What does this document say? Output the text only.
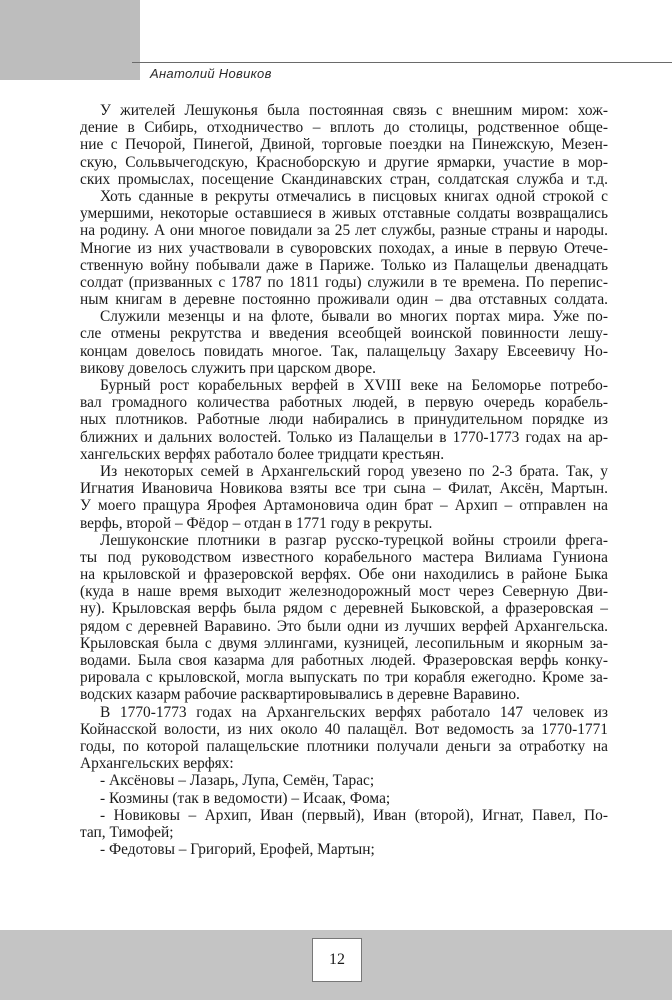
Анатолий Новиков
У жителей Лешуконья была постоянная связь с внешним миром: хож-
дение в Сибирь, отходничество – вплоть до столицы, родственное обще-
ние с Печорой, Пинегой, Двиной, торговые поездки на Пинежскую, Мезен-
скую, Сольвычегодскую, Красноборскую и другие ярмарки, участие в мор-
ских промыслах, посещение Скандинавских стран, солдатская служба и т.д.
Хоть сданные в рекруты отмечались в писцовых книгах одной строкой с
умершими, некоторые оставшиеся в живых отставные солдаты возвращались
на родину. А они многое повидали за 25 лет службы, разные страны и народы.
Многие из них участвовали в суворовских походах, а иные в первую Отече-
ственную войну побывали даже в Париже. Только из Палащельи двенадцать
солдат (призванных с 1787 по 1811 годы) служили в те времена. По перепис-
ным книгам в деревне постоянно проживали один – два отставных солдата.
Служили мезенцы и на флоте, бывали во многих портах мира. Уже по-
сле отмены рекрутства и введения всеобщей воинской повинности лешу-
концам довелось повидать многое. Так, палащельцу Захару Евсеевичу Но-
викову довелось служить при царском дворе.
Бурный рост корабельных верфей в XVIII веке на Беломорье потребо-
вал громадного количества работных людей, в первую очередь корабель-
ных плотников. Работные люди набирались в принудительном порядке из
ближних и дальних волостей. Только из Палащельи в 1770-1773 годах на ар-
хангельских верфях работало более тридцати крестьян.
Из некоторых семей в Архангельский город увезено по 2-3 брата. Так, у
Игнатия Ивановича Новикова взяты все три сына – Филат, Аксён, Мартын.
У моего пращура Ярофея Артамоновича один брат – Архип – отправлен на
верфь, второй – Фёдор – отдан в 1771 году в рекруты.
Лешуконские плотники в разгар русско-турецкой войны строили фрега-
ты под руководством известного корабельного мастера Вилиама Гуниона
на крыловской и фразеровской верфях. Обе они находились в районе Быка
(куда в наше время выходит железнодорожный мост через Северную Дви-
ну). Крыловская верфь была рядом с деревней Быковской, а фразеровская –
рядом с деревней Варавино. Это были одни из лучших верфей Архангельска.
Крыловская была с двумя эллингами, кузницей, лесопильным и якорным за-
водами. Была своя казарма для работных людей. Фразеровская верфь конку-
рировала с крыловской, могла выпускать по три корабля ежегодно. Кроме за-
водских казарм рабочие расквартировывались в деревне Варавино.
В 1770-1773 годах на Архангельских верфях работало 147 человек из
Койнасской волости, из них около 40 палащёл. Вот ведомость за 1770-1771
годы, по которой палащельские плотники получали деньги за отработку на
Архангельских верфях:
- Аксёновы – Лазарь, Лупа, Семён, Тарас;
- Козмины (так в ведомости) – Исаак, Фома;
- Новиковы – Архип, Иван (первый), Иван (второй), Игнат, Павел, По-
тап, Тимофей;
- Федотовы – Григорий, Ерофей, Мартын;
12
